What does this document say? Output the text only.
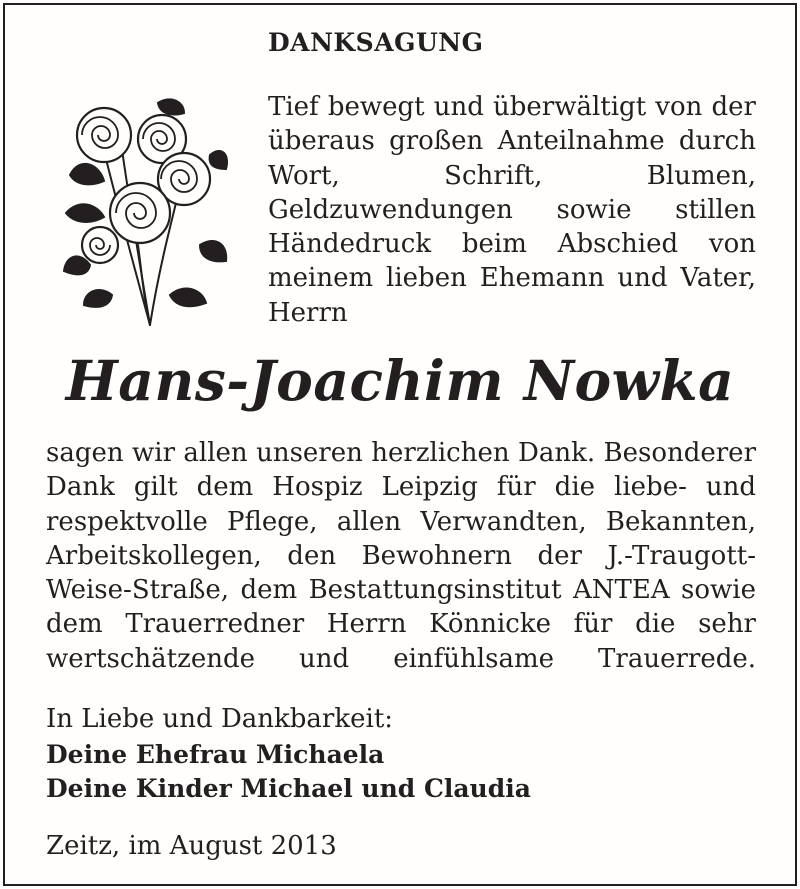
DANKSAGUNG

Tief bewegt und überwältigt von der überaus großen Anteilnahme durch Wort, Schrift, Blumen, Geldzuwendungen sowie stillen Händedruck beim Abschied von meinem lieben Ehemann und Vater,

Herrn

Hans-Joachim Nowka

sagen wir allen unseren herzlichen Dank. Besonderer Dank gilt dem Hospiz Leipzig für die liebe- und respektvolle Pflege, allen Verwandten, Bekannten, Arbeitskollegen, den Bewohnern der J.-Traugott-Weise-Straße, dem Bestattungsinstitut ANTEA sowie dem Trauerredner Herrn Könnicke für die sehr wertschätzende und einfühlsame Trauerrede.

In Liebe und Dankbarkeit:

Deine Ehefrau Michaela

Deine Kinder Michael und Claudia

Zeitz, im August 2013
